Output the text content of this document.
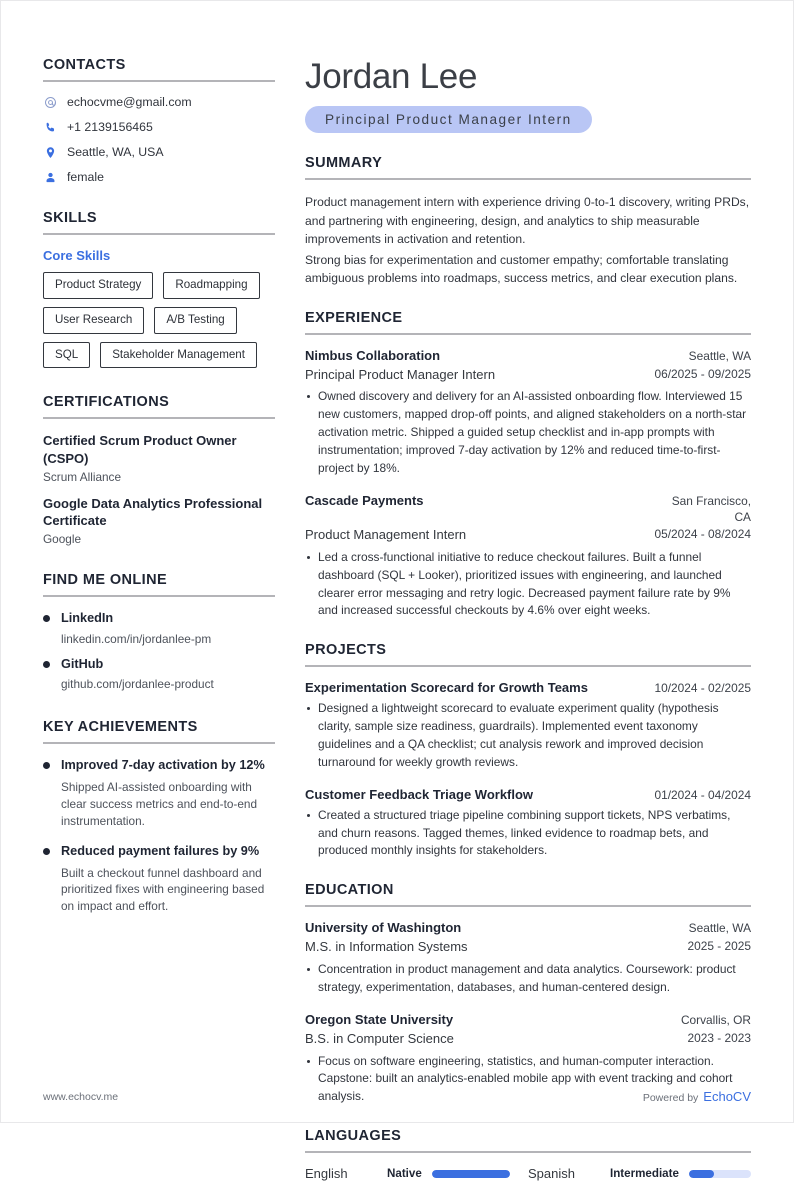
CONTACTS
echocvme@gmail.com
+1 2139156465
Seattle, WA, USA
female
SKILLS
Core Skills
Product Strategy	Roadmapping
User Research	A/B Testing
SQL	Stakeholder Management
CERTIFICATIONS
Certified Scrum Product Owner (CSPO)
Scrum Alliance
Google Data Analytics Professional Certificate
Google
FIND ME ONLINE
LinkedIn
linkedin.com/in/jordanlee-pm
GitHub
github.com/jordanlee-product
KEY ACHIEVEMENTS
Improved 7-day activation by 12%
Shipped AI-assisted onboarding with clear success metrics and end-to-end instrumentation.
Reduced payment failures by 9%
Built a checkout funnel dashboard and prioritized fixes with engineering based on impact and effort.
Jordan Lee
Principal Product Manager Intern
SUMMARY

Product management intern with experience driving 0-to-1 discovery, writing PRDs, and partnering with engineering, design, and analytics to ship measurable improvements in activation and retention.

Strong bias for experimentation and customer empathy; comfortable translating ambiguous problems into roadmaps, success metrics, and clear execution plans.

EXPERIENCE
Nimbus Collaboration	Seattle, WA
Principal Product Manager Intern	06/2025 - 09/2025
Owned discovery and delivery for an AI-assisted onboarding flow. Interviewed 15 new customers, mapped drop-off points, and aligned stakeholders on a north-star activation metric. Shipped a guided setup checklist and in-app prompts with instrumentation; improved 7-day activation by 12% and reduced time-to-first-project by 18%.
Cascade Payments	San Francisco, CA
Product Management Intern	05/2024 - 08/2024
Led a cross-functional initiative to reduce checkout failures. Built a funnel dashboard (SQL + Looker), prioritized issues with engineering, and launched clearer error messaging and retry logic. Decreased payment failure rate by 9% and increased successful checkouts by 4.6% over eight weeks.
PROJECTS
Experimentation Scorecard for Growth Teams	10/2024 - 02/2025
Designed a lightweight scorecard to evaluate experiment quality (hypothesis clarity, sample size readiness, guardrails). Implemented event taxonomy guidelines and a QA checklist; cut analysis rework and improved decision turnaround for weekly growth reviews.
Customer Feedback Triage Workflow	01/2024 - 04/2024
Created a structured triage pipeline combining support tickets, NPS verbatims, and churn reasons. Tagged themes, linked evidence to roadmap bets, and produced monthly insights for stakeholders.
EDUCATION
University of Washington	Seattle, WA
M.S. in Information Systems	2025 - 2025
Concentration in product management and data analytics. Coursework: product strategy, experimentation, databases, and human-centered design.
Oregon State University	Corvallis, OR
B.S. in Computer Science	2023 - 2023
Focus on software engineering, statistics, and human-computer interaction. Capstone: built an analytics-enabled mobile app with event tracking and cohort analysis.
LANGUAGES
English	Native	Spanish	Intermediate
www.echocv.me	Powered by EchoCV
